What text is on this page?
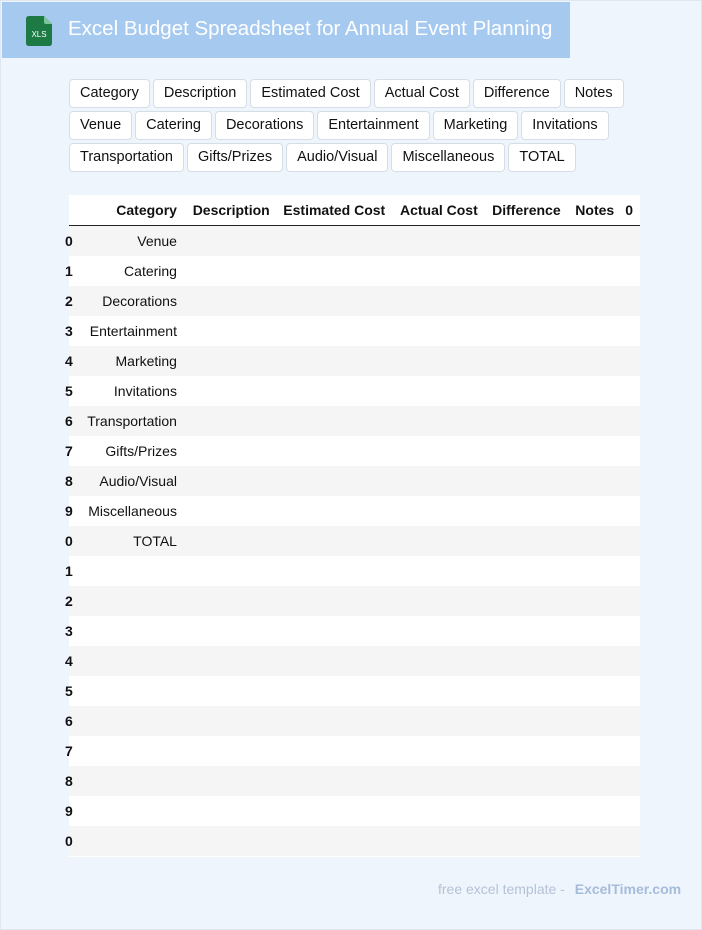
XLS Excel Budget Spreadsheet for Annual Event Planning
Category	Description	Estimated Cost	Actual Cost	Difference	Notes
Venue	Catering	Decorations	Entertainment	Marketing	Invitations
Transportation	Gifts/Prizes	Audio/Visual	Miscellaneous	TOTAL
	Category	Description	Estimated Cost	Actual Cost	Difference	Notes	0
0	Venue						
1	Catering						
2	Decorations						
3	Entertainment						
4	Marketing						
5	Invitations						
6	Transportation						
7	Gifts/Prizes						
8	Audio/Visual						
9	Miscellaneous						
0	TOTAL						
1							
2							
3							
4							
5							
6							
7							
8							
9							
0							
free excel template - ExcelTimer.com
